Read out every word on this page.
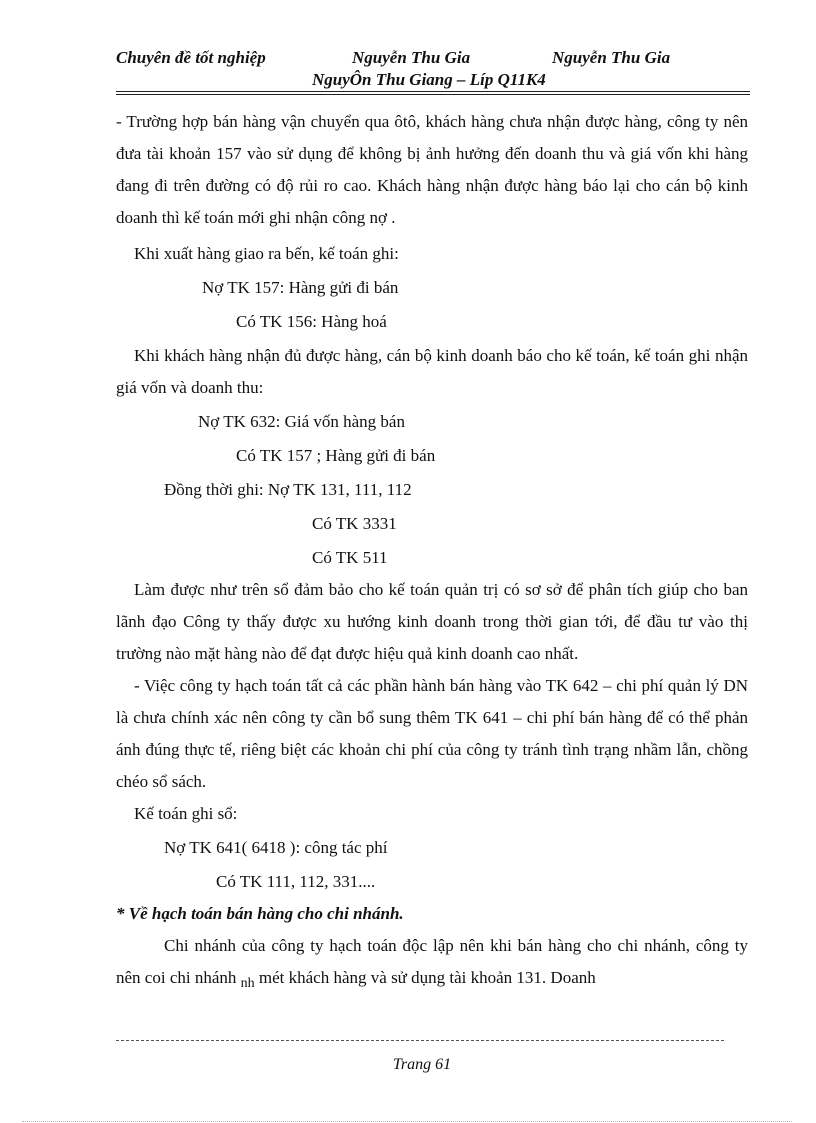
Chuyên đề tốt nghiệp	Nguyễn Thu Gia	Nguyễn Thu Gia
NguyÔn Thu Giang – Líp Q11K4

- Trường hợp bán hàng vận chuyển qua ôtô, khách hàng chưa nhận được hàng, công ty nên đưa tài khoản 157 vào sử dụng để không bị ảnh hưởng đến doanh thu và giá vốn khi hàng đang đi trên đường có độ rủi ro cao. Khách hàng nhận được hàng báo lại cho cán bộ kinh doanh thì kế toán mới ghi nhận công nợ .

Khi xuất hàng giao ra bến, kế toán ghi:

Nợ TK 157: Hàng gửi đi bán

Có TK 156: Hàng hoá

Khi khách hàng nhận đủ được hàng, cán bộ kinh doanh báo cho kế toán, kế toán ghi nhận giá vốn và doanh thu:

Nợ TK 632: Giá vốn hàng bán

Có TK 157 ; Hàng gửi đi bán

Đồng thời ghi: Nợ TK 131, 111, 112

Có TK 3331

Có TK 511

Làm được như trên sổ đảm bảo cho kế toán quản trị có sơ sở để phân tích giúp cho ban lãnh đạo Công ty thấy được xu hướng kinh doanh trong thời gian tới, để đầu tư vào thị trường nào mặt hàng nào để đạt được hiệu quả kinh doanh cao nhất.

- Việc công ty hạch toán tất cả các phần hành bán hàng vào TK 642 – chi phí quản lý DN là chưa chính xác nên công ty cần bổ sung thêm TK 641 – chi phí bán hàng để có thể phản ánh đúng thực tế, riêng biệt các khoản chi phí của công ty tránh tình trạng nhầm lẫn, chồng chéo sổ sách.

Kế toán ghi sổ:

Nợ TK 641( 6418 ): công tác phí

Có TK 111, 112, 331....

* Về hạch toán bán hàng cho chi nhánh.

Chi nhánh của công ty hạch toán độc lập nên khi bán hàng cho chi nhánh, công ty nên coi chi nhánh $_{nh}$ mét khách hàng và sử dụng tài khoản 131. Doanh

Trang 61
